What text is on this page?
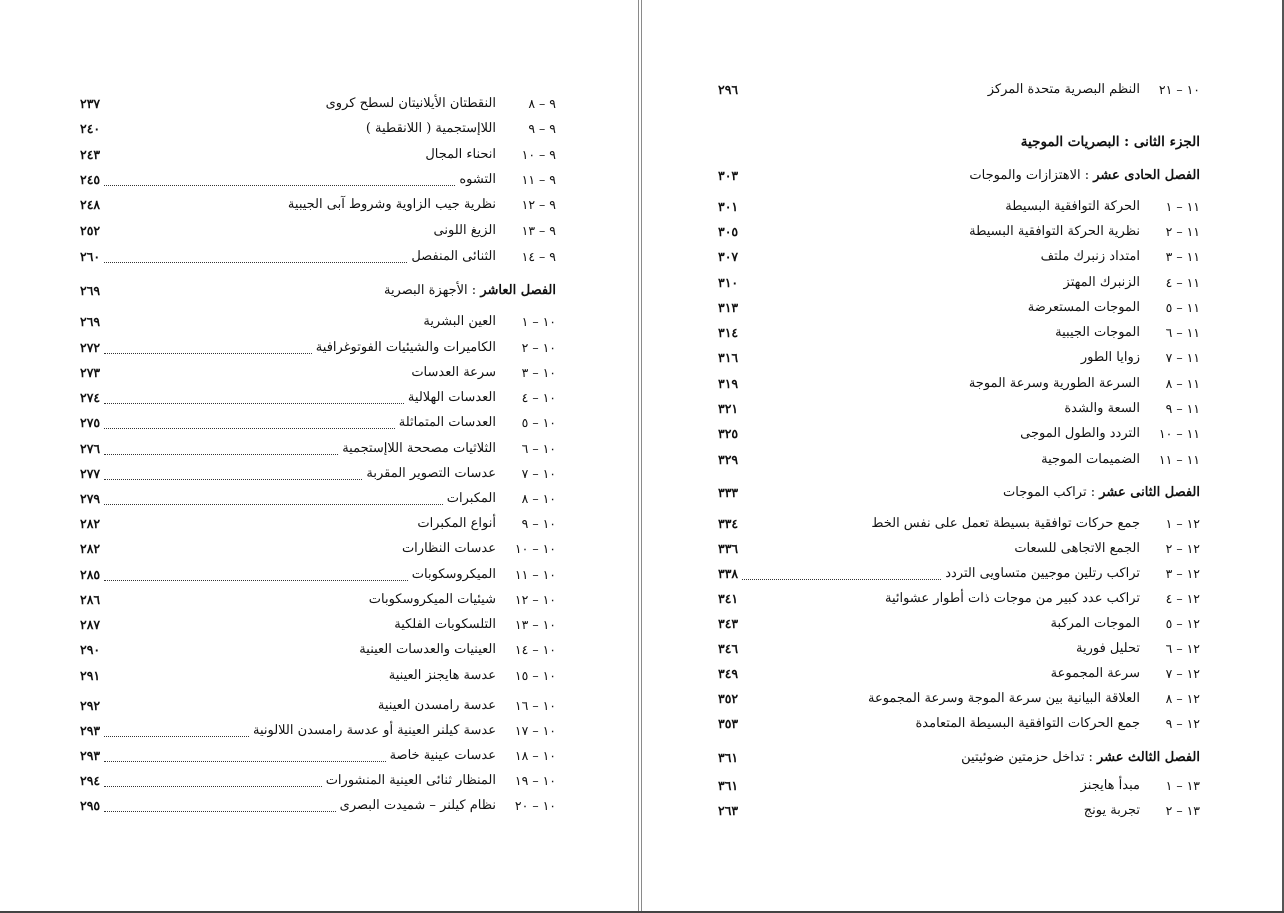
٩ – ٨
النقطتان الأيلانيتان لسطح كروى
٢٣٧
٩ – ٩
اللاإستجمية ( اللانقطية )
٢٤٠
٩ – ١٠
انحناء المجال
٢٤٣
٩ – ١١
التشوه
٢٤٥
٩ – ١٢
نظرية جيب الزاوية وشروط آبى الجيبية
٢٤٨
٩ – ١٣
الزيغ اللونى
٢٥٢
٩ – ١٤
الثنائى المنفصل
٢٦٠
الفصل العاشر : الأجهزة البصرية
٢٦٩
١٠ – ١
العين البشرية
٢٦٩
١٠ – ٢
الكاميرات والشيئيات الفوتوغرافية
٢٧٢
١٠ – ٣
سرعة العدسات
٢٧٣
١٠ – ٤
العدسات الهلالية
٢٧٤
١٠ – ٥
العدسات المتماثلة
٢٧٥
١٠ – ٦
الثلاثيات مصححة اللاإستجمية
٢٧٦
١٠ – ٧
عدسات التصوير المقربة
٢٧٧
١٠ – ٨
المكبرات
٢٧٩
١٠ – ٩
أنواع المكبرات
٢٨٢
١٠ – ١٠
عدسات النظارات
٢٨٢
١٠ – ١١
الميكروسكوبات
٢٨٥
١٠ – ١٢
شيئيات الميكروسكوبات
٢٨٦
١٠ – ١٣
التلسكوبات الفلكية
٢٨٧
١٠ – ١٤
العينيات والعدسات العينية
٢٩٠
١٠ – ١٥
عدسة هايجنز العينية
٢٩١
١٠ – ١٦
عدسة رامسدن العينية
٢٩٢
١٠ – ١٧
عدسة كيلنر العينية أو عدسة رامسدن اللالونية
٢٩٣
١٠ – ١٨
عدسات عينية خاصة
٢٩٣
١٠ – ١٩
المنظار ثنائى العينية المنشورات
٢٩٤
١٠ – ٢٠
نظام كيلنر – شميدت البصرى
٢٩٥
١٠ – ٢١
النظم البصرية متحدة المركز
٢٩٦
الجزء الثانى : البصريات الموجية
الفصل الحادى عشر : الاهتزازات والموجات
٣٠٣
١١ – ١
الحركة التوافقية البسيطة
٣٠١
١١ – ٢
نظرية الحركة التوافقية البسيطة
٣٠٥
١١ – ٣
امتداد زنبرك ملتف
٣٠٧
١١ – ٤
الزنبرك المهتز
٣١٠
١١ – ٥
الموجات المستعرضة
٣١٣
١١ – ٦
الموجات الجيبية
٣١٤
١١ – ٧
زوايا الطور
٣١٦
١١ – ٨
السرعة الطورية وسرعة الموجة
٣١٩
١١ – ٩
السعة والشدة
٣٢١
١١ – ١٠
التردد والطول الموجى
٣٢٥
١١ – ١١
الضميمات الموجية
٣٢٩
الفصل الثانى عشر : تراكب الموجات
٣٣٣
١٢ – ١
جمع حركات توافقية بسيطة تعمل على نفس الخط
٣٣٤
١٢ – ٢
الجمع الاتجاهى للسعات
٣٣٦
١٢ – ٣
تراكب رتلين موجيين متساويى التردد
٣٣٨
١٢ – ٤
تراكب عدد كبير من موجات ذات أطوار عشوائية
٣٤١
١٢ – ٥
الموجات المركبة
٣٤٣
١٢ – ٦
تحليل فورية
٣٤٦
١٢ – ٧
سرعة المجموعة
٣٤٩
١٢ – ٨
العلاقة البيانية بين سرعة الموجة وسرعة المجموعة
٣٥٢
١٢ – ٩
جمع الحركات التوافقية البسيطة المتعامدة
٣٥٣
الفصل الثالث عشر : تداخل حزمتين ضوئيتين
٣٦١
١٣ – ١
مبدأ هايجنز
٣٦١
١٣ – ٢
تجربة يونج
٢٦٣
